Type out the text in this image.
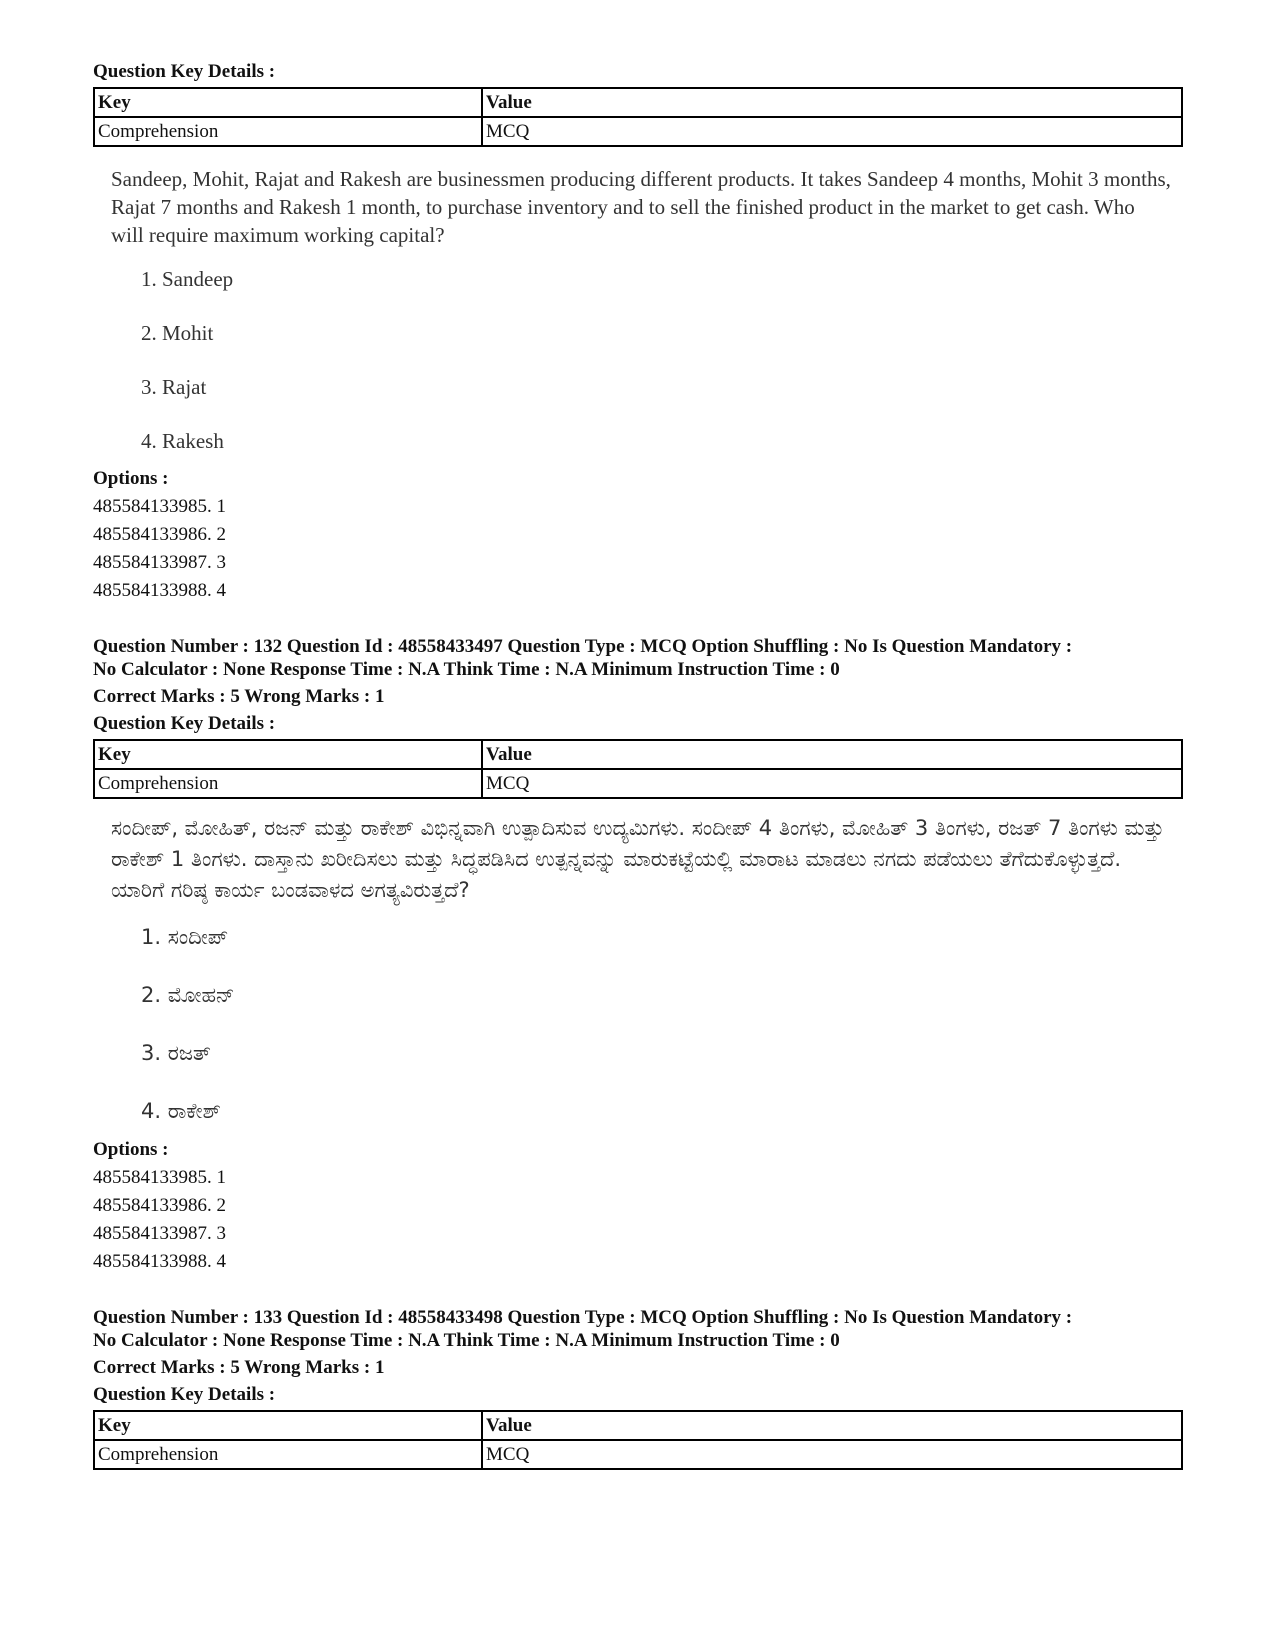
Question Key Details :
Key	Value
Comprehension	MCQ
Sandeep, Mohit, Rajat and Rakesh are businessmen producing different products. It takes Sandeep 4 months, Mohit 3 months, Rajat 7 months and Rakesh 1 month, to purchase inventory and to sell the finished product in the market to get cash. Who will require maximum working capital?
1. Sandeep
2. Mohit
3. Rajat
4. Rakesh
Options :
485584133985. 1
485584133986. 2
485584133987. 3
485584133988. 4
Question Number : 132 Question Id : 48558433497 Question Type : MCQ Option Shuffling : No Is Question Mandatory :
No Calculator : None Response Time : N.A Think Time : N.A Minimum Instruction Time : 0
Correct Marks : 5 Wrong Marks : 1
Question Key Details :
Key	Value
Comprehension	MCQ
ಸಂದೀಪ್, ಮೋಹಿತ್, ರಜನ್ ಮತ್ತು ರಾಕೇಶ್ ವಿಭಿನ್ನವಾಗಿ ಉತ್ಪಾದಿಸುವ ಉದ್ಯಮಿಗಳು. ಸಂದೀಪ್ 4 ತಿಂಗಳು, ಮೋಹಿತ್ 3 ತಿಂಗಳು, ರಜತ್ 7 ತಿಂಗಳು ಮತ್ತು ರಾಕೇಶ್ 1 ತಿಂಗಳು. ದಾಸ್ತಾನು ಖರೀದಿಸಲು ಮತ್ತು ಸಿದ್ಧಪಡಿಸಿದ ಉತ್ಪನ್ನವನ್ನು ಮಾರುಕಟ್ಟೆಯಲ್ಲಿ ಮಾರಾಟ ಮಾಡಲು ನಗದು ಪಡೆಯಲು ತೆಗೆದುಕೊಳ್ಳುತ್ತದೆ. ಯಾರಿಗೆ ಗರಿಷ್ಠ ಕಾರ್ಯ ಬಂಡವಾಳದ ಅಗತ್ಯವಿರುತ್ತದೆ?
1. ಸಂದೀಪ್
2. ಮೋಹನ್
3. ರಜತ್
4. ರಾಕೇಶ್
Options :
485584133985. 1
485584133986. 2
485584133987. 3
485584133988. 4
Question Number : 133 Question Id : 48558433498 Question Type : MCQ Option Shuffling : No Is Question Mandatory :
No Calculator : None Response Time : N.A Think Time : N.A Minimum Instruction Time : 0
Correct Marks : 5 Wrong Marks : 1
Question Key Details :
Key	Value
Comprehension	MCQ
